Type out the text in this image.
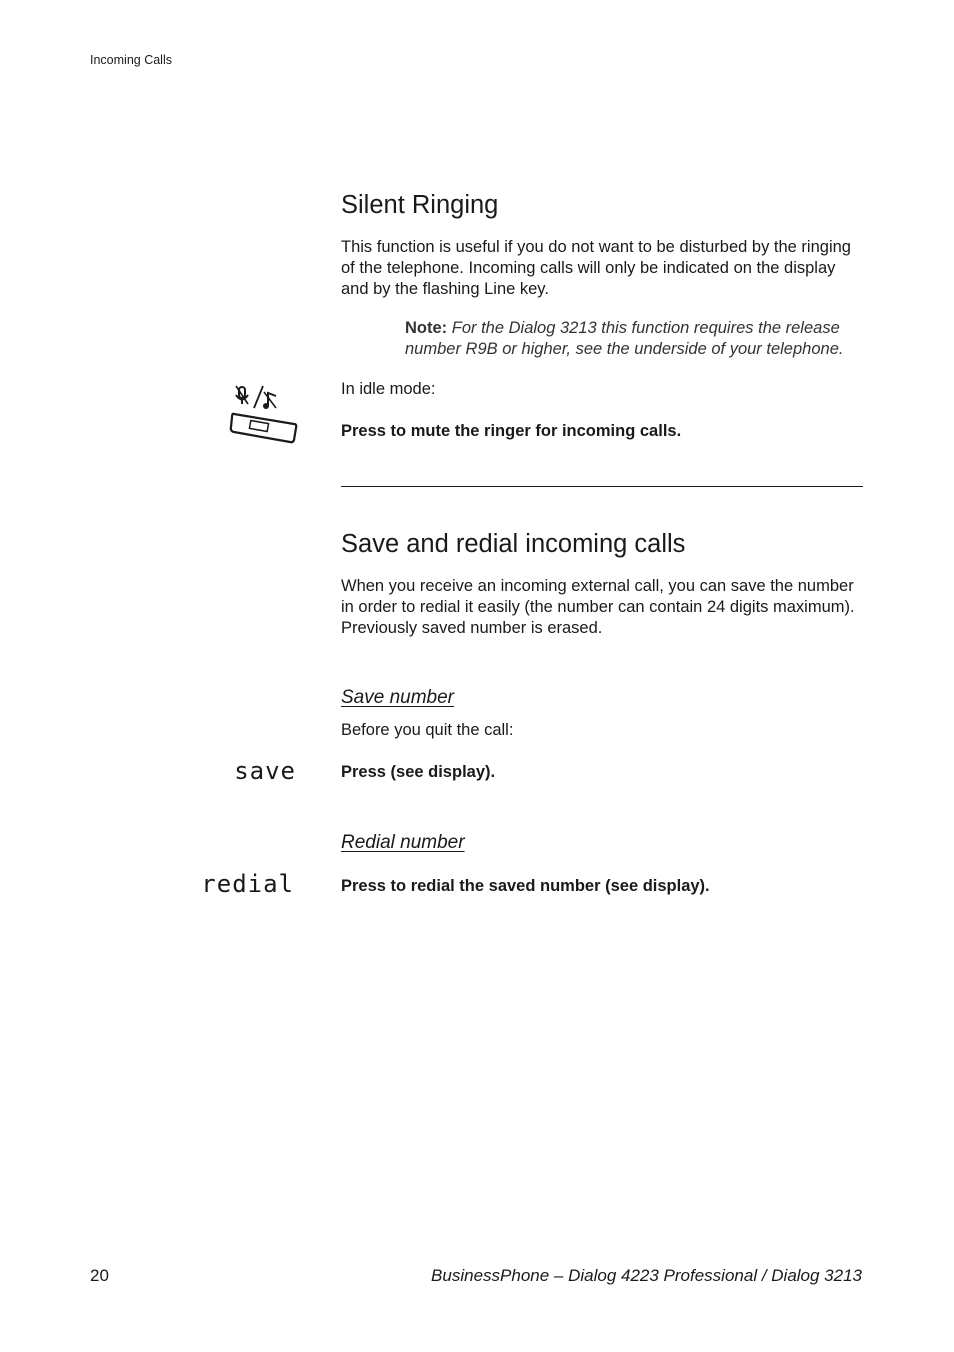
Incoming Calls
Silent Ringing
This function is useful if you do not want to be disturbed by the ringing of the telephone. Incoming calls will only be indicated on the display and by the flashing Line key.
Note: For the Dialog 3213 this function requires the release number R9B or higher, see the underside of your telephone.
In idle mode:
Press to mute the ringer for incoming calls.
Save and redial incoming calls
When you receive an incoming external call, you can save the number in order to redial it easily (the number can contain 24 digits maximum). Previously saved number is erased.
Save number
Before you quit the call:
save	Press (see display).
Redial number
redial	Press to redial the saved number (see display).
20	BusinessPhone – Dialog 4223 Professional / Dialog 3213
